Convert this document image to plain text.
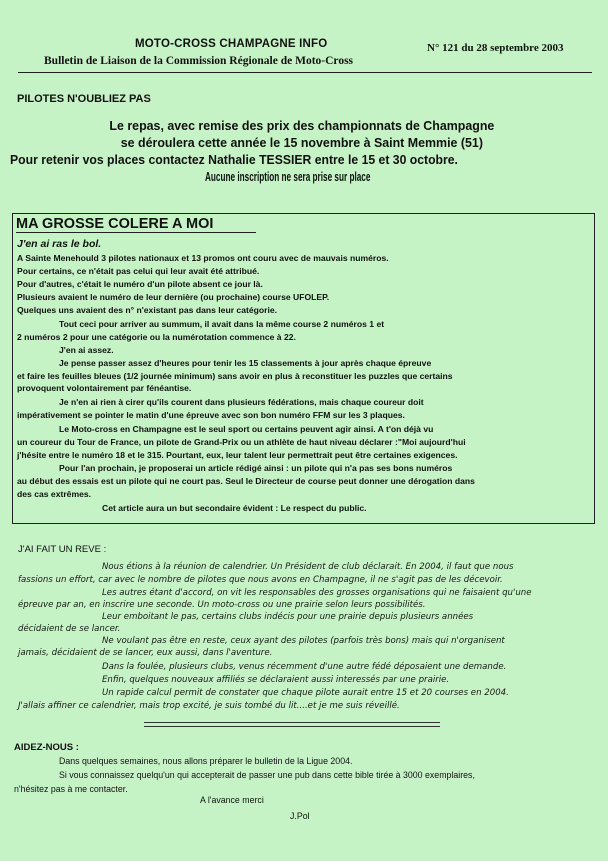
MOTO-CROSS CHAMPAGNE INFO
Bulletin de Liaison de la Commission Régionale de Moto-Cross
N° 121 du 28 septembre 2003
PILOTES N'OUBLIEZ PAS
Le repas, avec remise des prix des championnats de Champagne
se déroulera cette année le 15 novembre à Saint Memmie (51)
Pour retenir vos places contactez Nathalie TESSIER entre le 15 et 30 octobre.
Aucune inscription ne sera prise sur place
MA GROSSE COLERE A MOI
J'en ai ras le bol.
A Sainte Menehould 3 pilotes nationaux et 13 promos ont couru avec de mauvais numéros.
Pour certains, ce n'était pas celui qui leur avait été attribué.
Pour d'autres, c'était le numéro d'un pilote absent ce jour là.
Plusieurs avaient le numéro de leur dernière (ou prochaine) course UFOLEP.
Quelques uns avaient des n° n'existant pas dans leur catégorie.
Tout ceci pour arriver au summum, il avait dans la même course 2 numéros 1 et
2 numéros 2 pour une catégorie ou la numérotation commence à 22.
J'en ai assez.
Je pense passer assez d'heures pour tenir les 15 classements à jour après chaque épreuve
et faire les feuilles bleues (1/2 journée minimum) sans avoir en plus à reconstituer les puzzles que certains
provoquent volontairement par fénéantise.
Je n'en ai rien à cirer qu'ils courent dans plusieurs fédérations, mais chaque coureur doit
impérativement se pointer le matin d'une épreuve avec son bon numéro FFM sur les 3 plaques.
Le Moto-cross en Champagne est le seul sport ou certains peuvent agir ainsi. A t'on déjà vu
un coureur du Tour de France, un pilote de Grand-Prix ou un athlète de haut niveau déclarer :"Moi aujourd'hui
j'hésite entre le numéro 18 et le 315. Pourtant, eux, leur talent leur permettrait peut être certaines exigences.
Pour l'an prochain, je proposerai un article rédigé ainsi : un pilote qui n'a pas ses bons numéros
au début des essais est un pilote qui ne court pas. Seul le Directeur de course peut donner une dérogation dans
des cas extrêmes.
Cet article aura un but secondaire évident : Le respect du public.
J'AI FAIT UN REVE :
Nous étions à la réunion de calendrier. Un Président de club déclarait. En 2004, il faut que nous
fassions un effort, car avec le nombre de pilotes que nous avons en Champagne, il ne s'agit pas de les décevoir.
Les autres étant d'accord, on vit les responsables des grosses organisations qui ne faisaient qu'une
épreuve par an, en inscrire une seconde. Un moto-cross ou une prairie selon leurs possibilités.
Leur emboitant le pas, certains clubs indécis pour une prairie depuis plusieurs années
décidaient de se lancer.
Ne voulant pas être en reste, ceux ayant des pilotes (parfois très bons) mais qui n'organisent
jamais, décidaient de se lancer, eux aussi, dans l'aventure.
Dans la foulée, plusieurs clubs, venus récemment d'une autre fédé déposaient une demande.
Enfin, quelques nouveaux affiliés se déclaraient aussi interessés par une prairie.
Un rapide calcul permit de constater que chaque pilote aurait entre 15 et 20 courses en 2004.
J'allais affiner ce calendrier, mais trop excité, je suis tombé du lit....et je me suis réveillé.
AIDEZ-NOUS :
Dans quelques semaines, nous allons préparer le bulletin de la Ligue 2004.
Si vous connaissez quelqu'un qui accepterait de passer une pub dans cette bible tirée à 3000 exemplaires,
n'hésitez pas à me contacter.
A l'avance merci
J.Pol
